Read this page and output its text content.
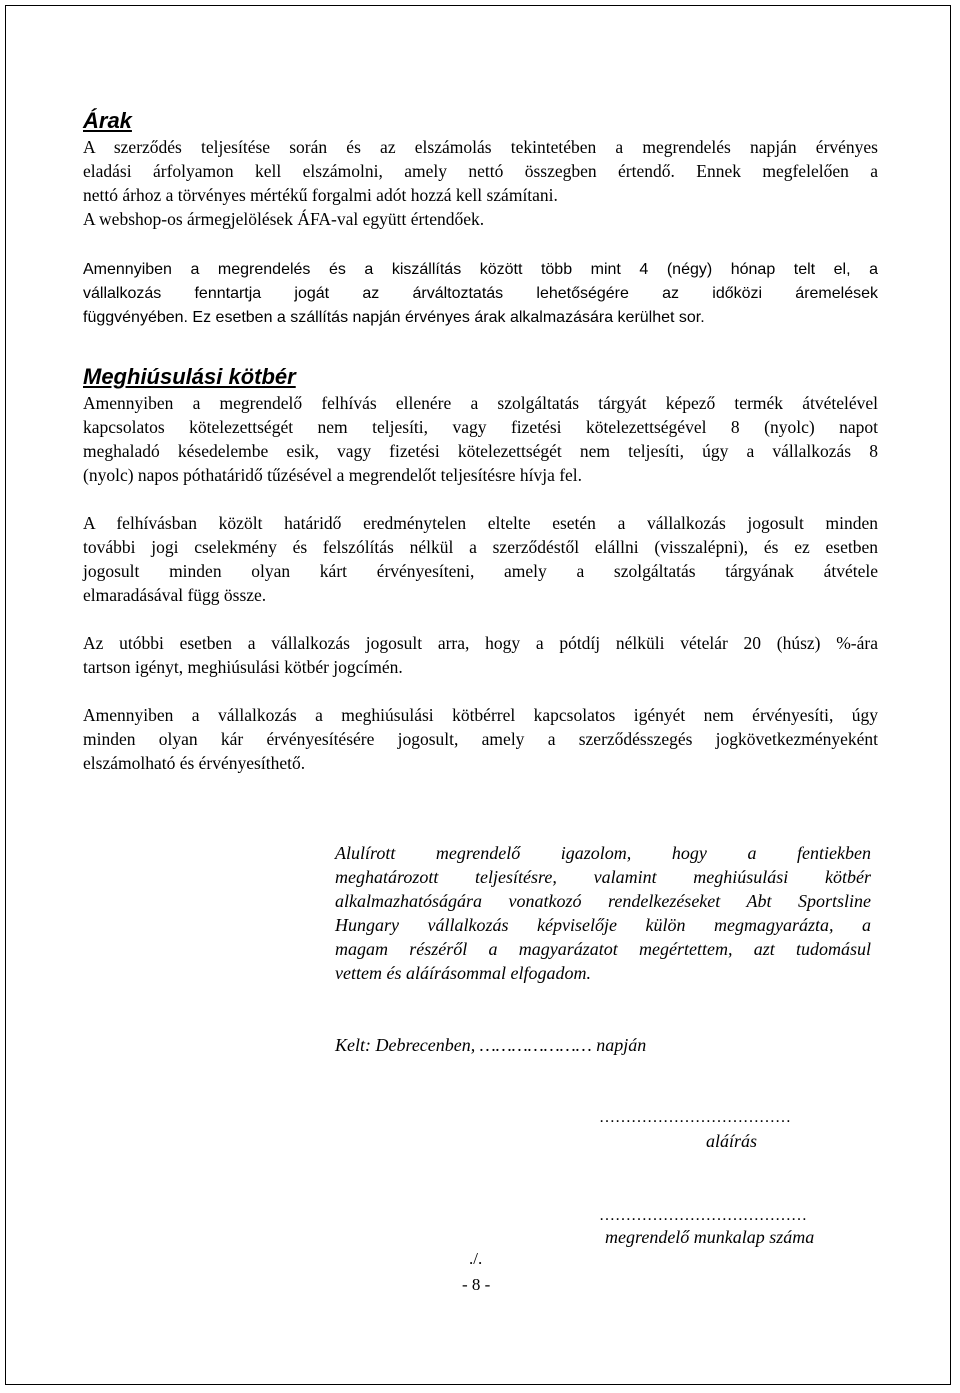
Árak

A szerződés teljesítése során és az elszámolás tekintetében a megrendelés napján érvényes
eladási árfolyamon kell elszámolni, amely nettó összegben értendő. Ennek megfelelően a
nettó árhoz a törvényes mértékű forgalmi adót hozzá kell számítani.
A webshop-os ármegjelölések ÁFA-val együtt értendőek.

Amennyiben a megrendelés és a kiszállítás között több mint 4 (négy) hónap telt el, a
vállalkozás fenntartja jogát az árváltoztatás lehetőségére az időközi áremelések
függvényében. Ez esetben a szállítás napján érvényes árak alkalmazására kerülhet sor.

Meghiúsulási kötbér

Amennyiben a megrendelő felhívás ellenére a szolgáltatás tárgyát képező termék átvételével
kapcsolatos kötelezettségét nem teljesíti, vagy fizetési kötelezettségével 8 (nyolc) napot
meghaladó késedelembe esik, vagy fizetési kötelezettségét nem teljesíti, úgy a vállalkozás 8
(nyolc) napos póthatáridő tűzésével a megrendelőt teljesítésre hívja fel.

A felhívásban közölt határidő eredménytelen eltelte esetén a vállalkozás jogosult minden
további jogi cselekmény és felszólítás nélkül a szerződéstől elállni (visszalépni), és ez esetben
jogosult minden olyan kárt érvényesíteni, amely a szolgáltatás tárgyának átvétele
elmaradásával függ össze.

Az utóbbi esetben a vállalkozás jogosult arra, hogy a pótdíj nélküli vételár 20 (húsz) %-ára
tartson igényt, meghiúsulási kötbér jogcímén.

Amennyiben a vállalkozás a meghiúsulási kötbérrel kapcsolatos igényét nem érvényesíti, úgy
minden olyan kár érvényesítésére jogosult, amely a szerződésszegés jogkövetkezményeként
elszámolható és érvényesíthető.

Alulírott megrendelő igazolom, hogy a fentiekben
meghatározott teljesítésre, valamint meghiúsulási kötbér
alkalmazhatóságára vonatkozó rendelkezéseket Abt Sportsline
Hungary vállalkozás képviselője külön megmagyarázta, a
magam részéről a magyarázatot megértettem, azt tudomásul
vettem és aláírásommal elfogadom.

Kelt: Debrecenben, ………………… napján
………………………………
aláírás
…………………………………
megrendelő munkalap száma
./.
- 8 -
